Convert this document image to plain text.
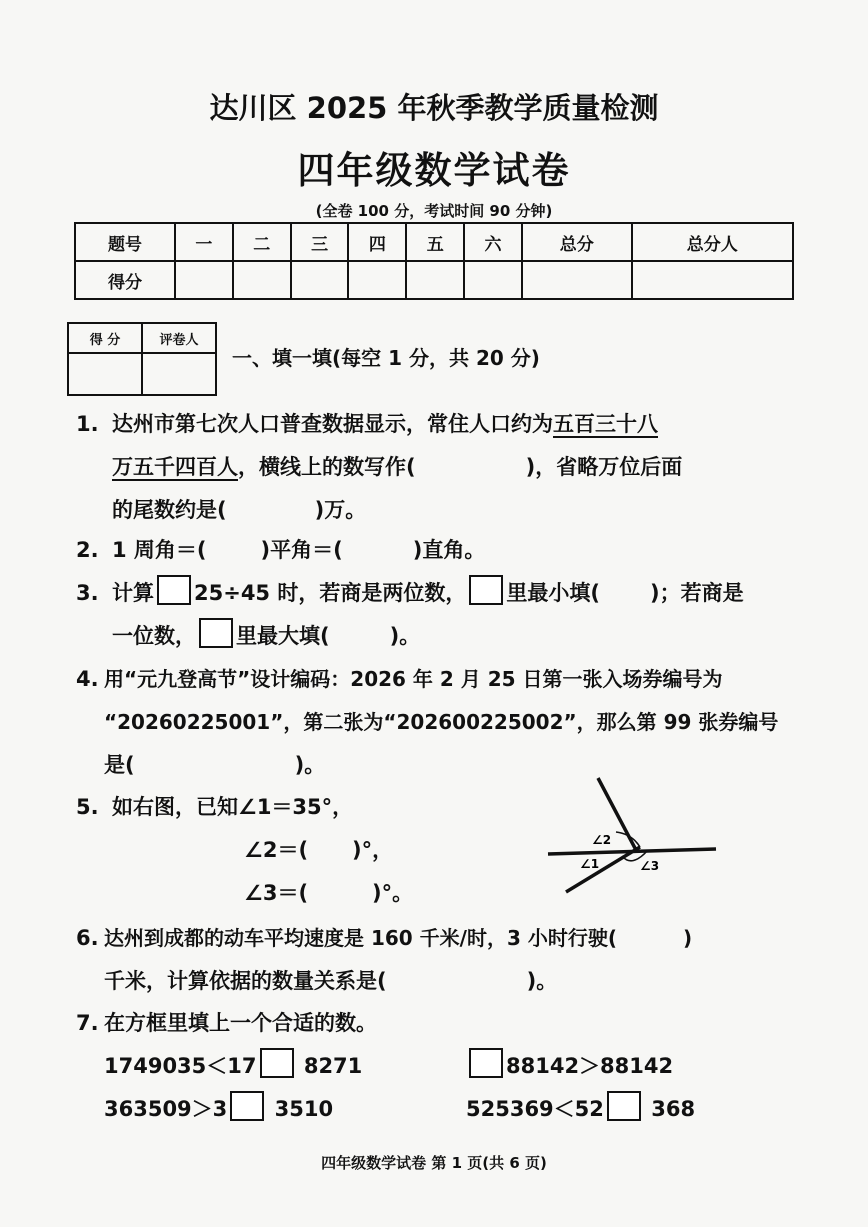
达川区 2025 年秋季教学质量检测
四年级数学试卷
(全卷 100 分，考试时间 90 分钟)
题号	一	二	三	四	五	六	总分	总分人
得分								
得 分	评卷人

一、填一填(每空 1 分，共 20 分)
1. 达州市第七次人口普查数据显示，常住人口约为五百三十八
万五千四百人，横线上的数写作(	)，省略万位后面
的尾数约是(	)万。
2. 1 周角＝(	)平角＝(	)直角。
3. 计算 25÷45 时，若商是两位数， 里最小填( )；若商是
一位数， 里最大填(	)。
4. 用“元九登高节”设计编码：2026 年 2 月 25 日第一张入场券编号为
“20260225001”，第二张为“202600225002”，那么第 99 张券编号
是(	)。
5. 如右图，已知∠1＝35°，
∠2＝( )°，
∠3＝(	)°。
∠2
∠1	∠3
6. 达州到成都的动车平均速度是 160 千米/时，3 小时行驶(	)
千米，计算依据的数量关系是(	)。
7. 在方框里填上一个合适的数。
1749035＜17 8271	88142＞88142
363509＞3 3510	525369＜52 368
四年级数学试卷 第 1 页(共 6 页)
